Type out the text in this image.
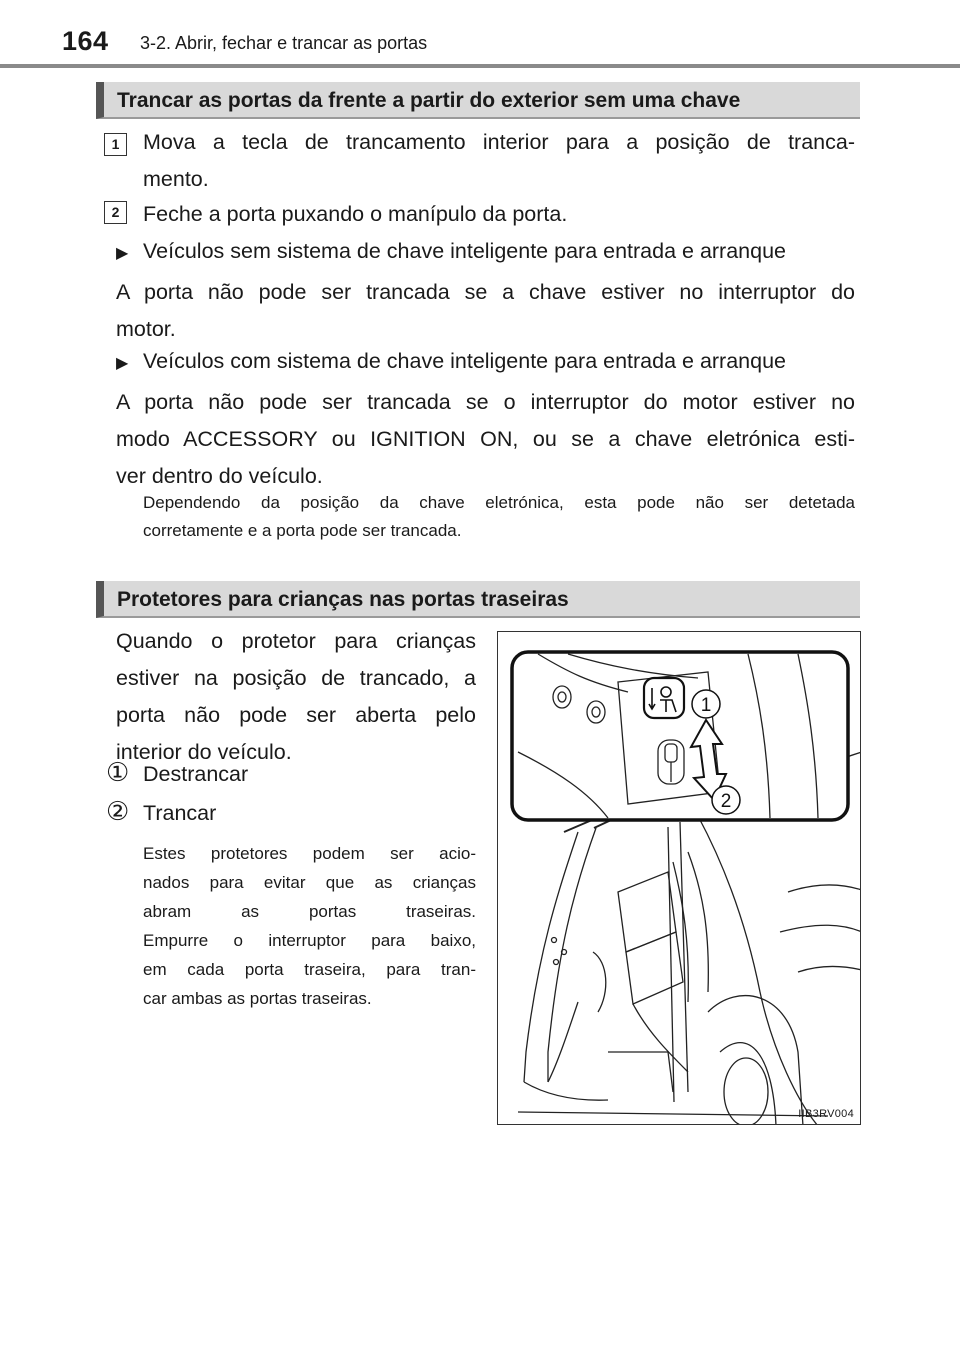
164 3-2. Abrir, fechar e trancar as portas
Trancar as portas da frente a partir do exterior sem uma chave
1	Mova a tecla de trancamento interior para a posição de tranca-
mento.
2	Feche a porta puxando o manípulo da porta.
▶ Veículos sem sistema de chave inteligente para entrada e arranque
A porta não pode ser trancada se a chave estiver no interruptor do
motor.
▶ Veículos com sistema de chave inteligente para entrada e arranque
A porta não pode ser trancada se o interruptor do motor estiver no
modo ACCESSORY ou IGNITION ON, ou se a chave eletrónica esti-
ver dentro do veículo.
Dependendo da posição da chave eletrónica, esta pode não ser detetada
corretamente e a porta pode ser trancada.
Protetores para crianças nas portas traseiras
Quando o protetor para crianças
estiver na posição de trancado, a
porta não pode ser aberta pelo
interior do veículo.
① Destrancar
② Trancar
Estes protetores podem ser acio-
nados para evitar que as crianças
abram as portas traseiras.
Empurre o interruptor para baixo,
em cada porta traseira, para tran-
car ambas as portas traseiras.
1
2
IIB3RV004
